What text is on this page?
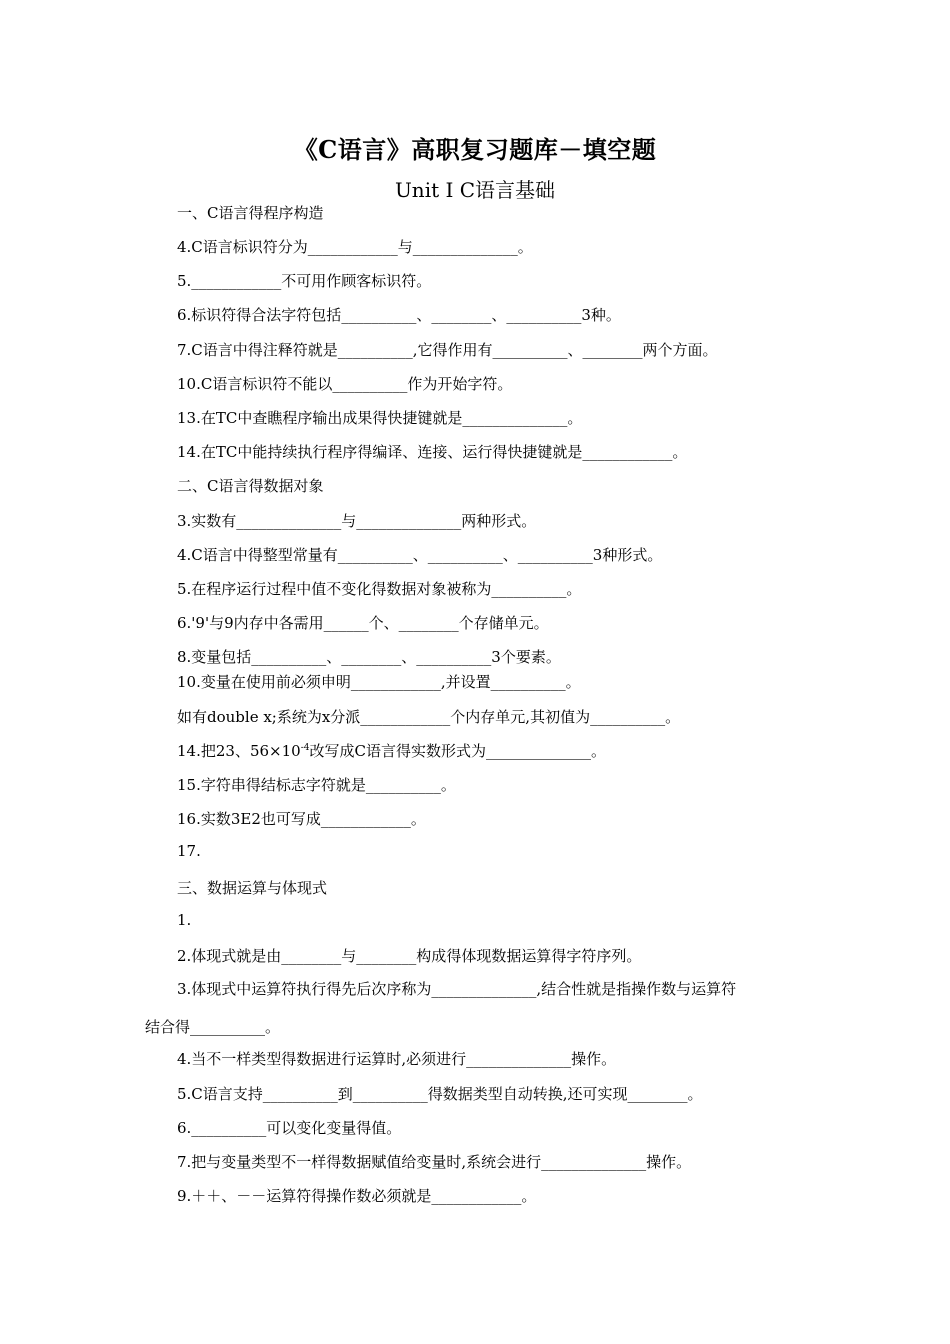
《C语言》高职复习题库－填空题
Unit I C语言基础
一、C语言得程序构造
4.C语言标识符分为____________与______________。
5.____________不可用作顾客标识符。
6.标识符得合法字符包括__________、________、__________3种。
7.C语言中得注释符就是__________,它得作用有__________、________两个方面。
10.C语言标识符不能以__________作为开始字符。
13.在TC中查瞧程序输出成果得快捷键就是______________。
14.在TC中能持续执行程序得编译、连接、运行得快捷键就是____________。
二、C语言得数据对象
3.实数有______________与______________两种形式。
4.C语言中得整型常量有__________、__________、__________3种形式。
5.在程序运行过程中值不变化得数据对象被称为__________。
6.'9'与9内存中各需用______个、________个存储单元。
8.变量包括__________、________、__________3个要素。
10.变量在使用前必须申明____________,并设置__________。
如有double x;系统为x分派____________个内存单元,其初值为__________。
14.把23、$56\times 10^{-4}$改写成C语言得实数形式为______________。
15.字符串得结标志字符就是__________。
16.实数3E2也可写成____________。
17.
三、数据运算与体现式
1.
2.体现式就是由________与________构成得体现数据运算得字符序列。
3.体现式中运算符执行得先后次序称为______________,结合性就是指操作数与运算符
结合得__________。
4.当不一样类型得数据进行运算时,必须进行______________操作。
5.C语言支持__________到__________得数据类型自动转换,还可实现________。
6.__________可以变化变量得值。
7.把与变量类型不一样得数据赋值给变量时,系统会进行______________操作。
9.＋＋、－－运算符得操作数必须就是____________。
